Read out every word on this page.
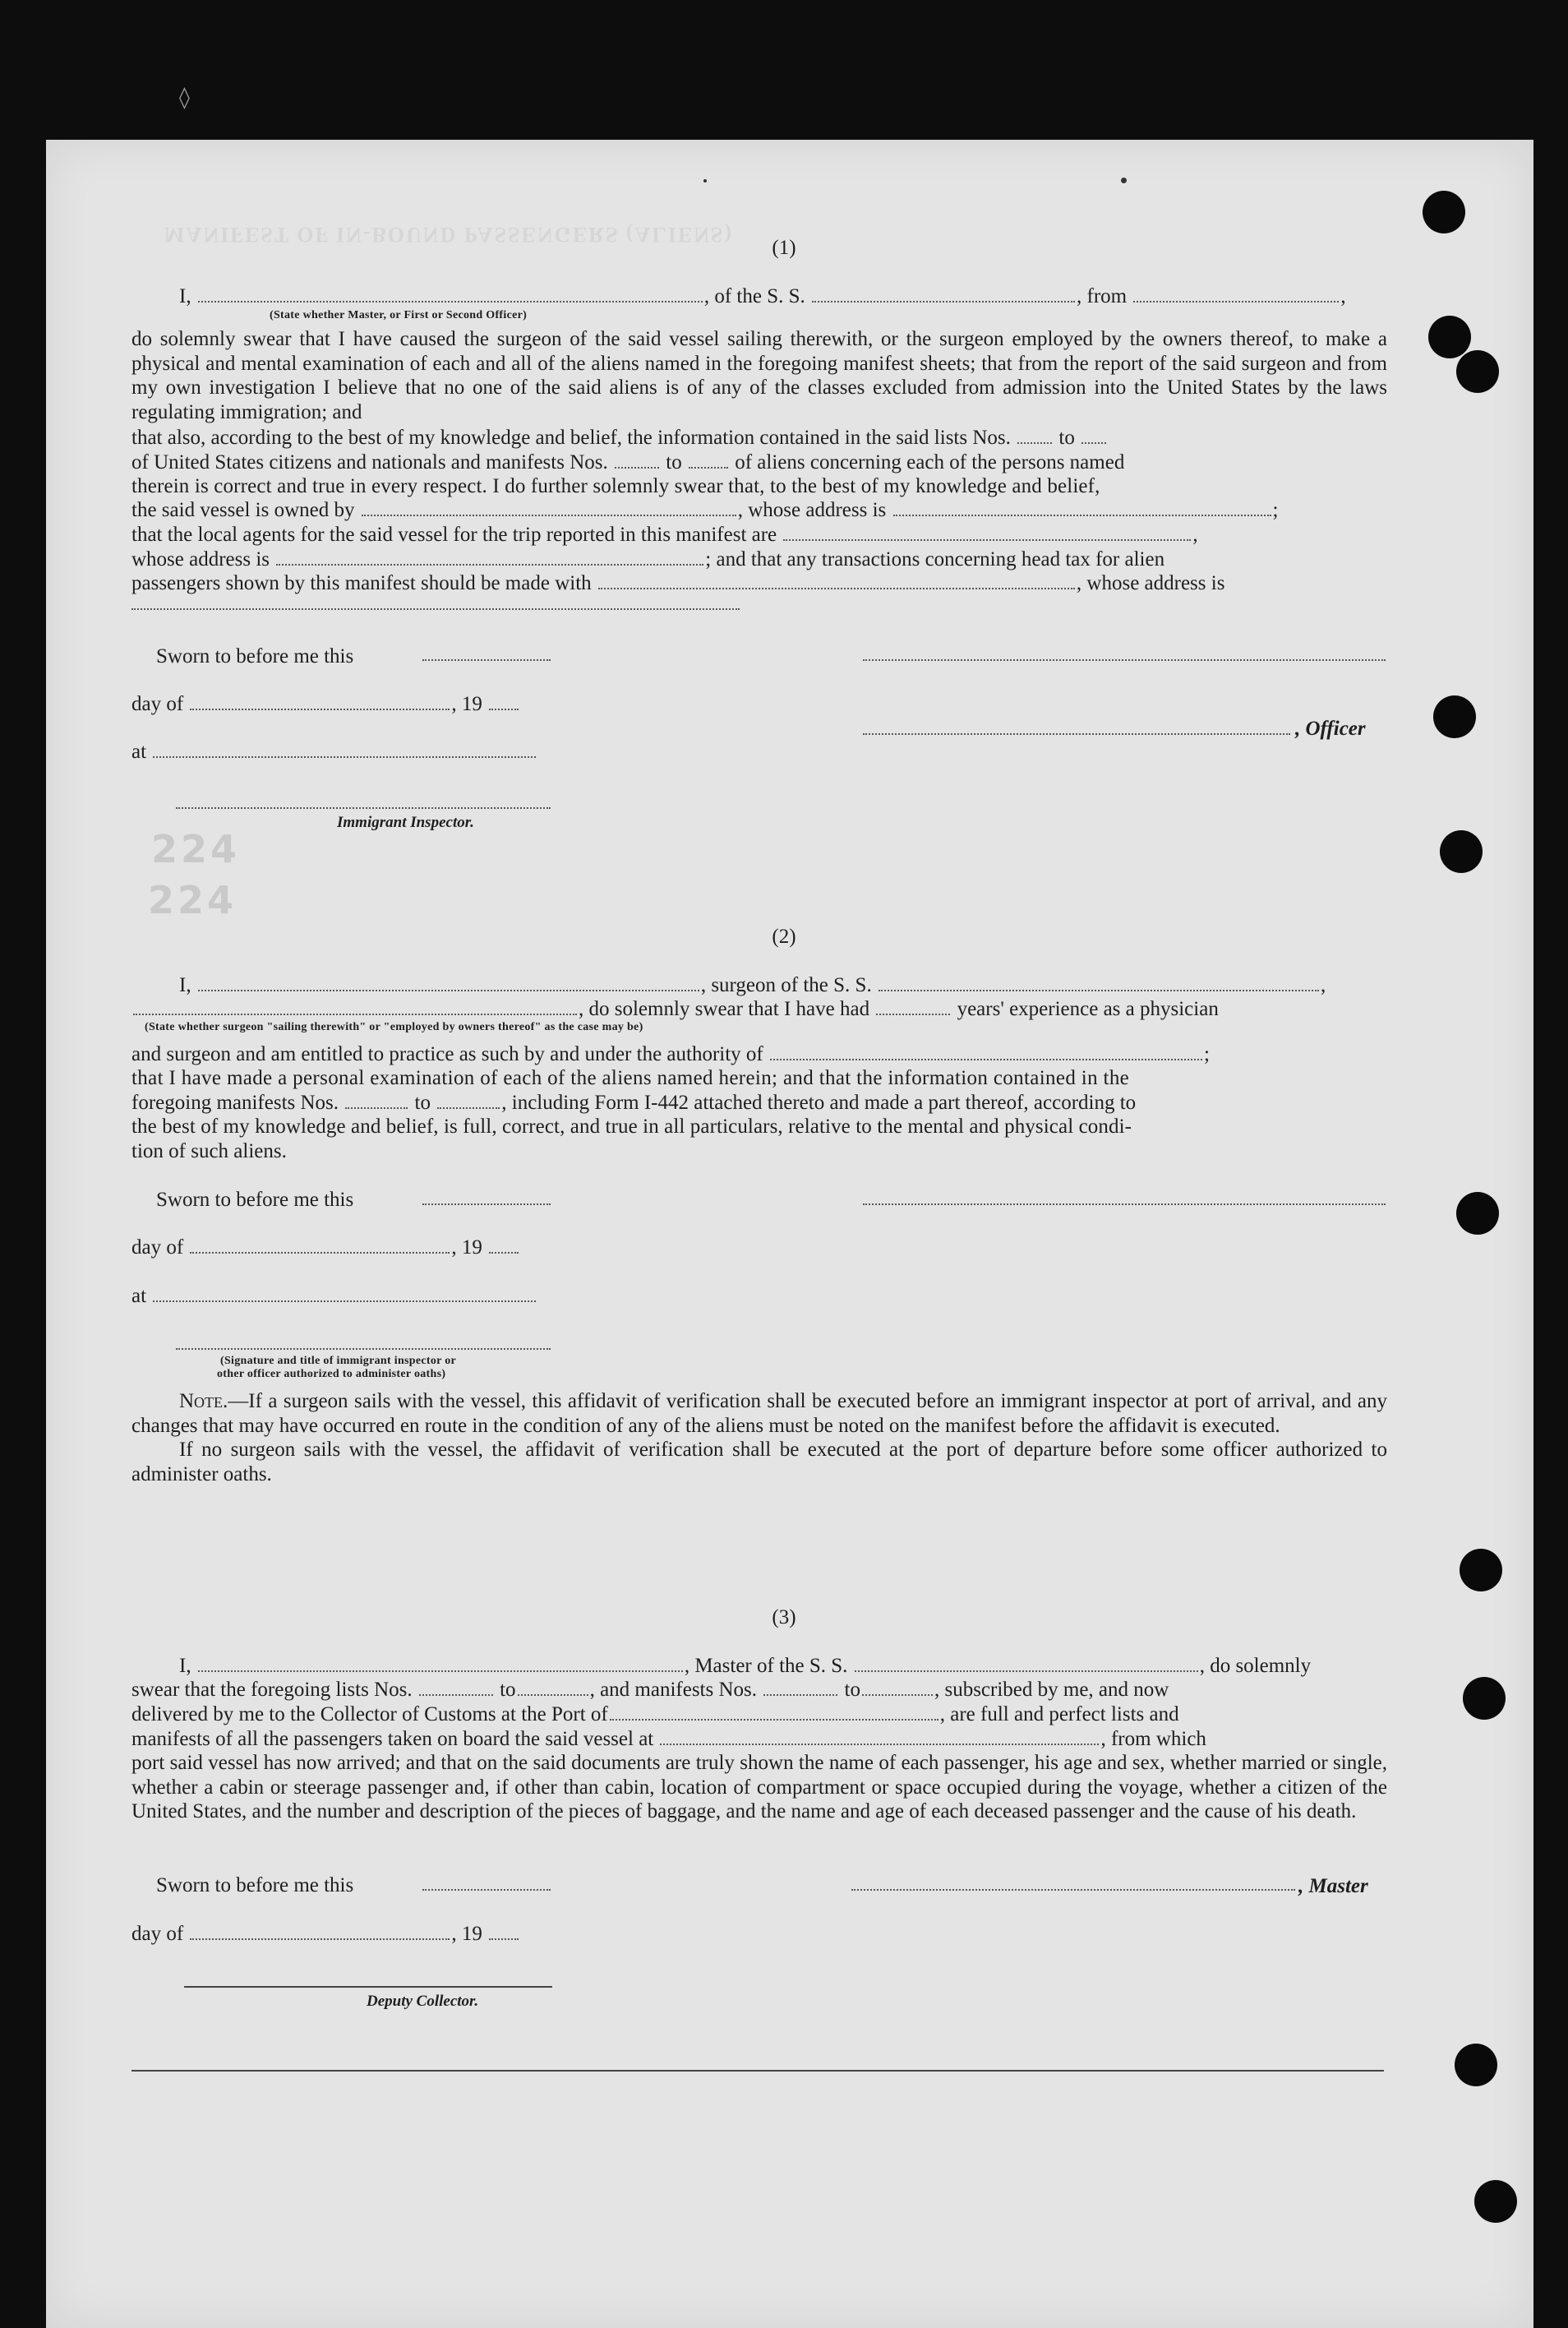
◊
MANIFEST OF IN-BOUND PASSENGERS (ALIENS)
224
224
(1)
I,	, of the S. S.	, from	,
(State whether Master, or First or Second Officer)

do solemnly swear that I have caused the surgeon of the said vessel sailing therewith, or the surgeon employed by the owners thereof, to make a physical and mental examination of each and all of the aliens named in the foregoing manifest sheets; that from the report of the said surgeon and from my own investigation I believe that no one of the said aliens is of any of the classes excluded from admission into the United States by the laws regulating immigration; and

that also, according to the best of my knowledge and belief, the information contained in the said lists Nos. to
of United States citizens and nationals and manifests Nos.	to	of aliens concerning each of the persons named
therein is correct and true in every respect. I do further solemnly swear that, to the best of my knowledge and belief,
the said vessel is owned by	, whose address is	;
that the local agents for the said vessel for the trip reported in this manifest are	,
whose address is	; and that any transactions concerning head tax for alien
passengers shown by this manifest should be made with	, whose address is
Sworn to before me this
day of	, 19
, Officer
at
Immigrant Inspector.
(2)
I,	, surgeon of the S. S.	,
, do solemnly swear that I have had	years' experience as a physician
(State whether surgeon "sailing therewith" or "employed by owners thereof" as the case may be)
and surgeon and am entitled to practice as such by and under the authority of	;
that I have made a personal examination of each of the aliens named herein; and that the information contained in the
foregoing manifests Nos.	to	, including Form I-442 attached thereto and made a part thereof, according to
the best of my knowledge and belief, is full, correct, and true in all particulars, relative to the mental and physical condi-
tion of such aliens.
Sworn to before me this
day of	, 19
at
(Signature and title of immigrant inspector or
other officer authorized to administer oaths)

Note.—If a surgeon sails with the vessel, this affidavit of verification shall be executed before an immigrant inspector at port of arrival, and any changes that may have occurred en route in the condition of any of the aliens must be noted on the manifest before the affidavit is executed.

If no surgeon sails with the vessel, the affidavit of verification shall be executed at the port of departure before some officer authorized to administer oaths.

(3)
I,	, Master of the S. S.	, do solemnly
swear that the foregoing lists Nos.	to	, and manifests Nos.	to	, subscribed by me, and now
delivered by me to the Collector of Customs at the Port of	, are full and perfect lists and
manifests of all the passengers taken on board the said vessel at	, from which
port said vessel has now arrived; and that on the said documents are truly shown the name of each passenger, his age and sex, whether married or single, whether a cabin or steerage passenger and, if other than cabin, location of compartment or space occupied during the voyage, whether a citizen of the United States, and the number and description of the pieces of baggage, and the name and age of each deceased passenger and the cause of his death.
Sworn to before me this	, Master
day of	, 19
Deputy Collector.
